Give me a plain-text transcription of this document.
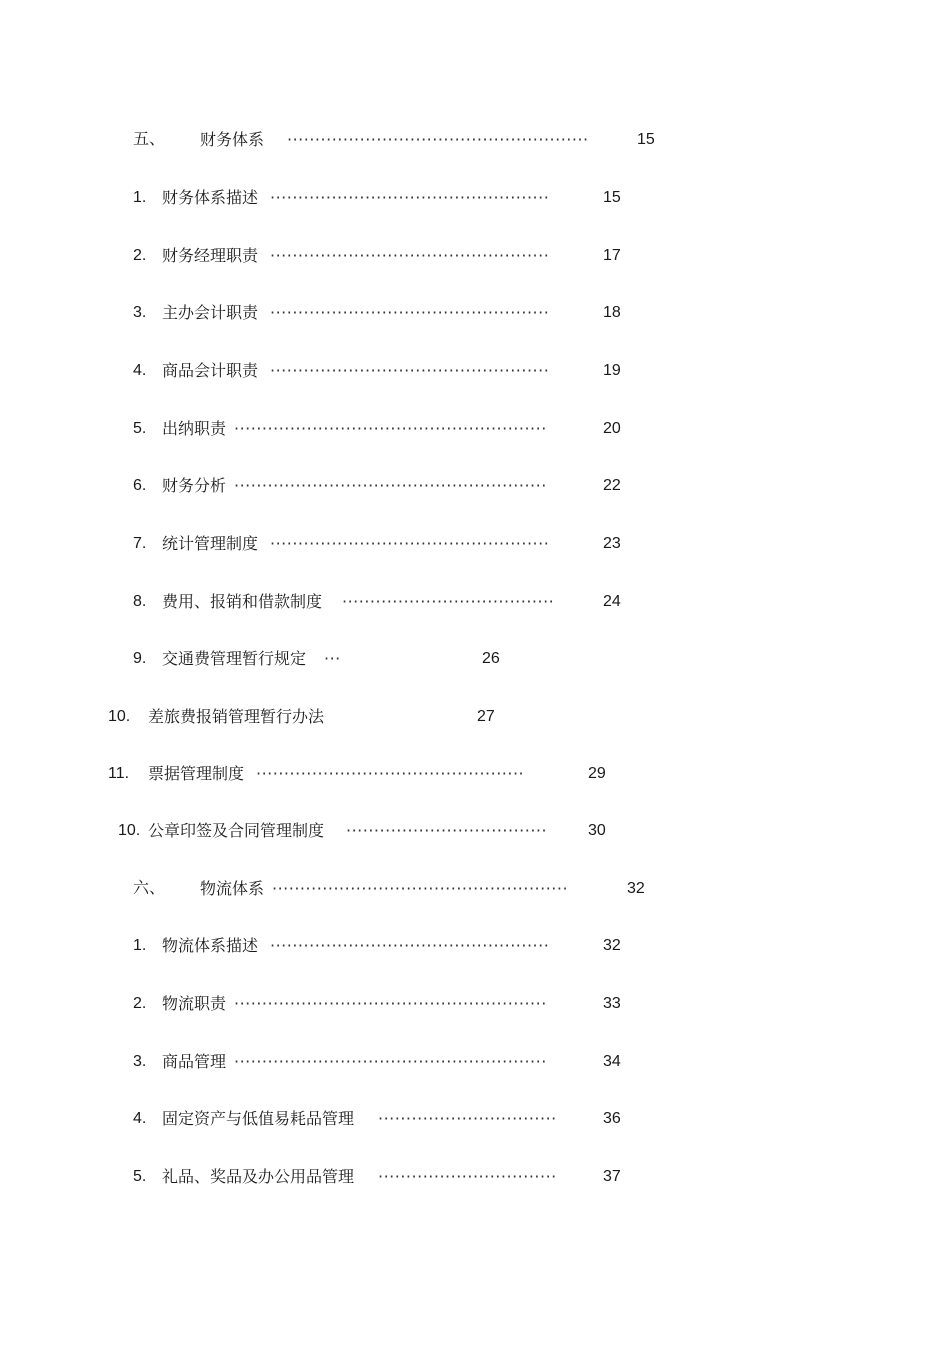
五、 财务体系 ······················································	15
1. 财务体系描述 ··················································	15
2. 财务经理职责 ··················································	17
3. 主办会计职责 ··················································	18
4. 商品会计职责 ··················································	19
5. 出纳职责 ························································	20
6. 财务分析 ························································	22
7. 统计管理制度 ··················································	23
8. 费用、报销和借款制度 ······································	24
9. 交通费管理暂行规定 ···	26
10. 差旅费报销管理暂行办法	27
11. 票据管理制度 ················································	29
10. 公章印签及合同管理制度 ····································	30
六、 物流体系 ·····················································	32
1. 物流体系描述 ··················································	32
2. 物流职责 ························································	33
3. 商品管理 ························································	34
4. 固定资产与低值易耗品管理 ································	36
5. 礼品、奖品及办公用品管理 ································	37
